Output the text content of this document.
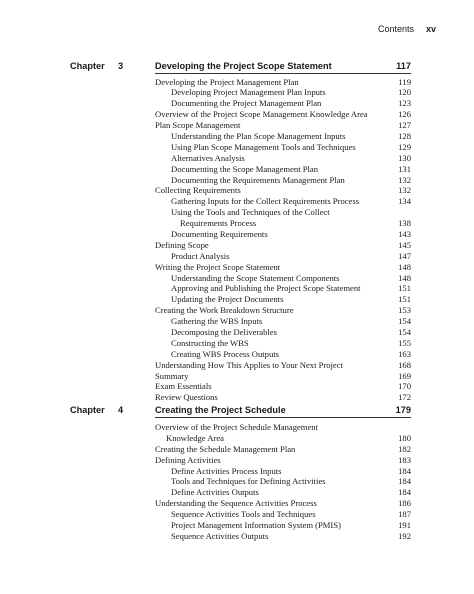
Contents xv
Chapter 3	Developing the Project Scope Statement	117
Developing the Project Management Plan	119
Developing Project Management Plan Inputs	120
Documenting the Project Management Plan	123
Overview of the Project Scope Management Knowledge Area	126
Plan Scope Management	127
Understanding the Plan Scope Management Inputs	128
Using Plan Scope Management Tools and Techniques	129
Alternatives Analysis	130
Documenting the Scope Management Plan	131
Documenting the Requirements Management Plan	132
Collecting Requirements	132
Gathering Inputs for the Collect Requirements Process	134
Using the Tools and Techniques of the Collect
Requirements Process	138
Documenting Requirements	143
Defining Scope	145
Product Analysis	147
Writing the Project Scope Statement	148
Understanding the Scope Statement Components	148
Approving and Publishing the Project Scope Statement	151
Updating the Project Documents	151
Creating the Work Breakdown Structure	153
Gathering the WBS Inputs	154
Decomposing the Deliverables	154
Constructing the WBS	155
Creating WBS Process Outputs	163
Understanding How This Applies to Your Next Project	168
Summary	169
Exam Essentials	170
Review Questions	172
Chapter 4	Creating the Project Schedule	179
Overview of the Project Schedule Management
Knowledge Area	180
Creating the Schedule Management Plan	182
Defining Activities	183
Define Activities Process Inputs	184
Tools and Techniques for Defining Activities	184
Define Activities Outputs	184
Understanding the Sequence Activities Process	186
Sequence Activities Tools and Techniques	187
Project Management Information System (PMIS)	191
Sequence Activities Outputs	192
